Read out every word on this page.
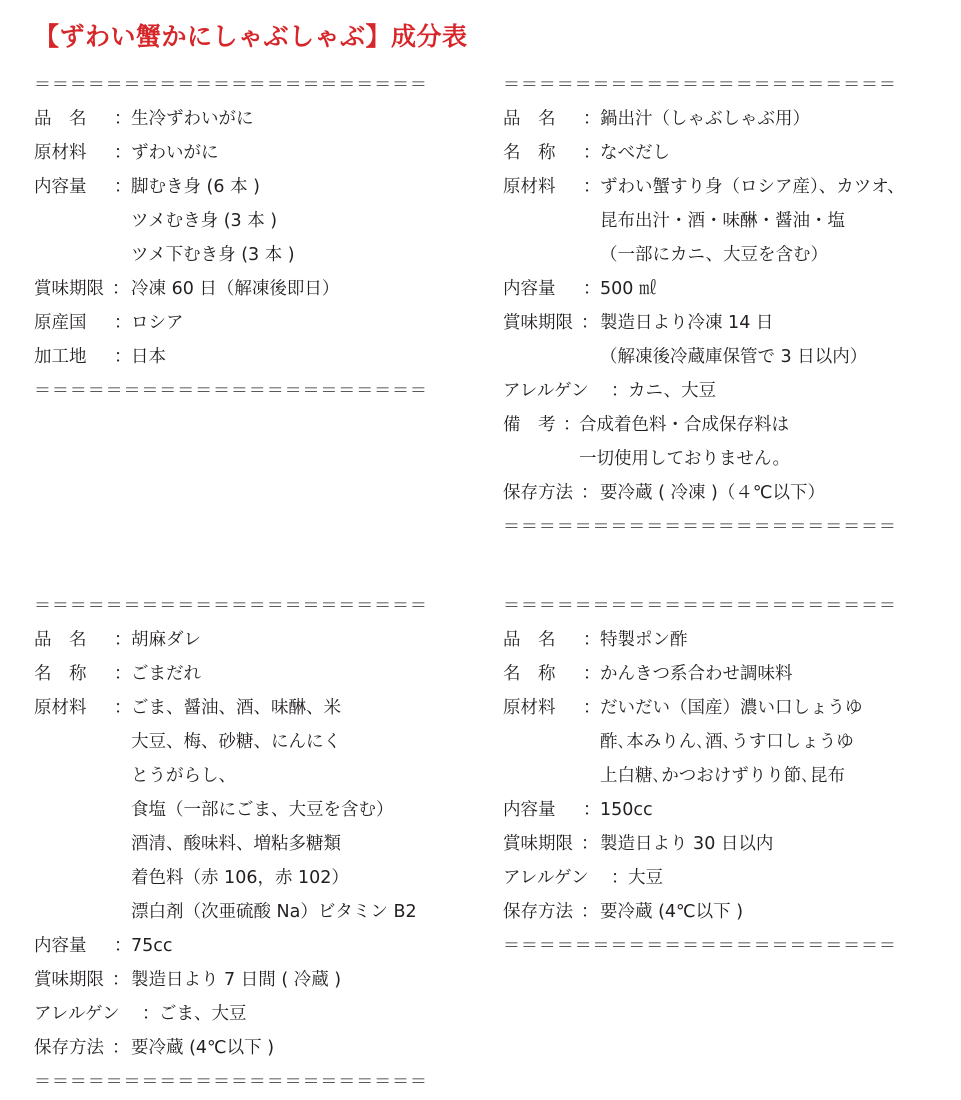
【ずわい蟹かにしゃぶしゃぶ】成分表
＝＝＝＝＝＝＝＝＝＝＝＝＝＝＝＝＝＝＝＝＝＝
品　名 ： 生冷ずわいがに
原材料 ： ずわいがに
内容量 ： 脚むき身 (6 本 )
ツメむき身 (3 本 )
ツメ下むき身 (3 本 )
賞味期限 ： 冷凍 60 日（解凍後即日）
原産国 ： ロシア
加工地 ： 日本
＝＝＝＝＝＝＝＝＝＝＝＝＝＝＝＝＝＝＝＝＝＝
＝＝＝＝＝＝＝＝＝＝＝＝＝＝＝＝＝＝＝＝＝＝
品　名 ： 鍋出汁（しゃぶしゃぶ用）
名　称 ： なべだし
原材料 ： ずわい蟹すり身（ロシア産）、カツオ、
昆布出汁・酒・味醂・醤油・塩
（一部にカニ、大豆を含む）
内容量 ： 500 ㎖
賞味期限 ： 製造日より冷凍 14 日
（解凍後冷蔵庫保管で 3 日以内）
アレルゲン ： カニ、大豆
備　考 ：
合成着色料・合成保存料は
一切使用しておりません。
保存方法 ： 要冷蔵 ( 冷凍 )（４℃以下）
＝＝＝＝＝＝＝＝＝＝＝＝＝＝＝＝＝＝＝＝＝＝
＝＝＝＝＝＝＝＝＝＝＝＝＝＝＝＝＝＝＝＝＝＝
品　名 ： 胡麻ダレ
名　称 ： ごまだれ
原材料 ： ごま、醤油、酒、味醂、米
大豆、梅、砂糖、にんにく
とうがらし、
食塩（一部にごま、大豆を含む）
酒清、酸味料、増粘多糖類
着色料（赤 106，赤 102）
漂白剤（次亜硫酸 Na）ビタミン B2
内容量 ： 75cc
賞味期限 ： 製造日より 7 日間 ( 冷蔵 )
アレルゲン ： ごま、大豆
保存方法 ： 要冷蔵 (4℃以下 )
＝＝＝＝＝＝＝＝＝＝＝＝＝＝＝＝＝＝＝＝＝＝
＝＝＝＝＝＝＝＝＝＝＝＝＝＝＝＝＝＝＝＝＝＝
品　名 ： 特製ポン酢
名　称 ： かんきつ系合わせ調味料
原材料 ： だいだい（国産）濃い口しょうゆ
酢､本みりん､酒､うす口しょうゆ
上白糖､かつおけずりり節､昆布
内容量 ： 150cc
賞味期限 ： 製造日より 30 日以内
アレルゲン ： 大豆
保存方法 ： 要冷蔵 (4℃以下 )
＝＝＝＝＝＝＝＝＝＝＝＝＝＝＝＝＝＝＝＝＝＝
